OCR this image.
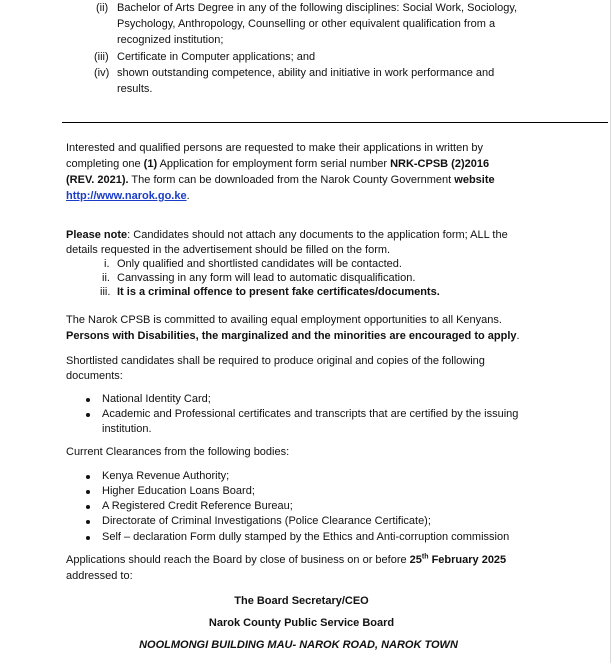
(ii) Bachelor of Arts Degree in any of the following disciplines: Social Work, Sociology,
Psychology, Anthropology, Counselling or other equivalent qualification from a
recognized institution;
(iii) Certificate in Computer applications; and
(iv) shown outstanding competence, ability and initiative in work performance and
results.
Interested and qualified persons are requested to make their applications in written by
completing one (1) Application for employment form serial number NRK-CPSB (2)2016
(REV. 2021). The form can be downloaded from the Narok County Government website
http://www.narok.go.ke.
Please note: Candidates should not attach any documents to the application form; ALL the
details requested in the advertisement should be filled on the form.
i. Only qualified and shortlisted candidates will be contacted.
ii. Canvassing in any form will lead to automatic disqualification.
iii. It is a criminal offence to present fake certificates/documents.
The Narok CPSB is committed to availing equal employment opportunities to all Kenyans.
Persons with Disabilities, the marginalized and the minorities are encouraged to apply.
Shortlisted candidates shall be required to produce original and copies of the following
documents:
National Identity Card;
Academic and Professional certificates and transcripts that are certified by the issuing
institution.
Current Clearances from the following bodies:
Kenya Revenue Authority;
Higher Education Loans Board;
A Registered Credit Reference Bureau;
Directorate of Criminal Investigations (Police Clearance Certificate);
Self – declaration Form dully stamped by the Ethics and Anti-corruption commission
Applications should reach the Board by close of business on or before 25th February 2025
addressed to:
The Board Secretary/CEO
Narok County Public Service Board
NOOLMONGI BUILDING MAU- NAROK ROAD, NAROK TOWN
